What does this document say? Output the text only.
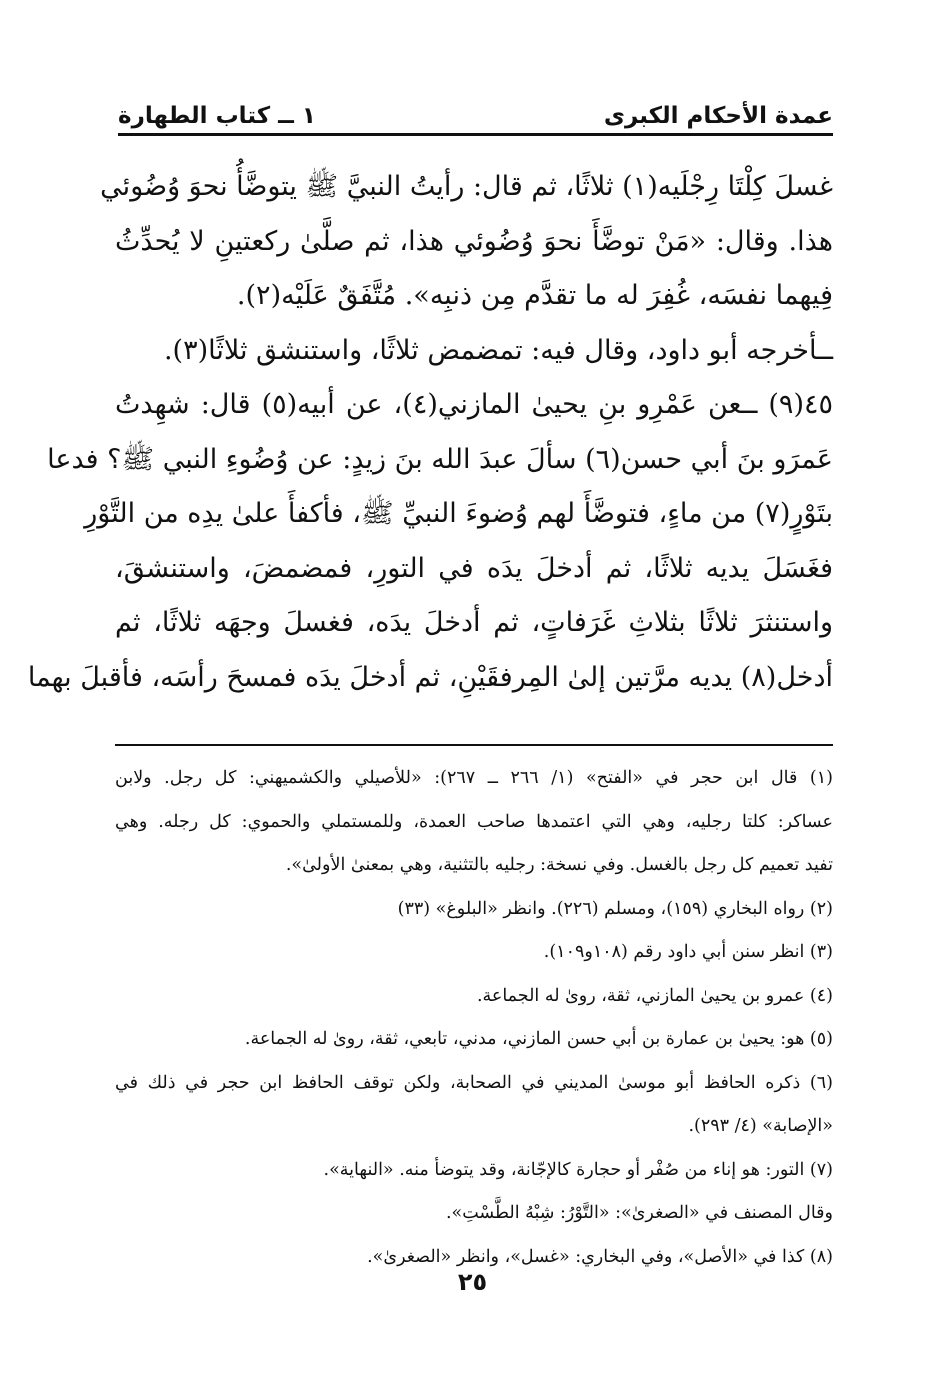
عمدة الأحكام الكبرى
١ ــ كتاب الطهارة
غسلَ كِلْتَا رِجْلَيه(١) ثلاثًا، ثم قال: رأيتُ النبيَّ ﷺ يتوضَّأُ نحوَ وُضُوئي
هذا. وقال: «مَنْ توضَّأَ نحوَ وُضُوئي هذا، ثم صلَّىٰ ركعتينِ لا يُحدِّثُ
فِيهما نفسَه، غُفِرَ له ما تقدَّم مِن ذنبِه». مُتَّفَقٌ عَلَيْه(٢).
ــأخرجه أبو داود، وقال فيه: تمضمض ثلاثًا، واستنشق ثلاثًا(٣).
٤٥(٩) ــعن عَمْرِو بنِ يحيىٰ المازني(٤)، عن أبيه(٥) قال: شهِدتُ
عَمرَو بنَ أبي حسن(٦) سألَ عبدَ الله بنَ زيدٍ: عن وُضُوءِ النبي ﷺ؟ فدعا
بتَوْرٍ(٧) من ماءٍ، فتوضَّأَ لهم وُضوءَ النبيِّ ﷺ، فأكفأَ علىٰ يدِه من التَّوْرِ
فغَسَلَ يديه ثلاثًا، ثم أدخلَ يدَه في التورِ، فمضمضَ، واستنشقَ،
واستنثرَ ثلاثًا بثلاثِ غَرَفاتٍ، ثم أدخلَ يدَه، فغسلَ وجهَه ثلاثًا، ثم
أدخل(٨) يديه مرَّتين إلىٰ المِرفقَيْنِ، ثم أدخلَ يدَه فمسحَ رأسَه، فأقبلَ بهما
(١) قال ابن حجر في «الفتح» (١/ ٢٦٦ ــ ٢٦٧): «للأصيلي والكشميهني: كل رجل. ولابن
عساكر: كلتا رجليه، وهي التي اعتمدها صاحب العمدة، وللمستملي والحموي: كل رجله. وهي
تفيد تعميم كل رجل بالغسل. وفي نسخة: رجليه بالتثنية، وهي بمعنىٰ الأولىٰ».
(٢) رواه البخاري (١٥٩)، ومسلم (٢٢٦). وانظر «البلوغ» (٣٣)
(٣) انظر سنن أبي داود رقم (١٠٨و١٠٩).
(٤) عمرو بن يحيىٰ المازني، ثقة، روىٰ له الجماعة.
(٥) هو: يحيىٰ بن عمارة بن أبي حسن المازني، مدني، تابعي، ثقة، روىٰ له الجماعة.
(٦) ذكره الحافظ أبو موسىٰ المديني في الصحابة، ولكن توقف الحافظ ابن حجر في ذلك في
«الإصابة» (٤/ ٢٩٣).
(٧) التور: هو إناء من صُفْر أو حجارة كالإجّانة، وقد يتوضأ منه. «النهاية».
وقال المصنف في «الصغرىٰ»: «التَّوْرُ: شِبْهُ الطَّسْتِ».
(٨) كذا في «الأصل»، وفي البخاري: «غسل»، وانظر «الصغرىٰ».
٢٥
